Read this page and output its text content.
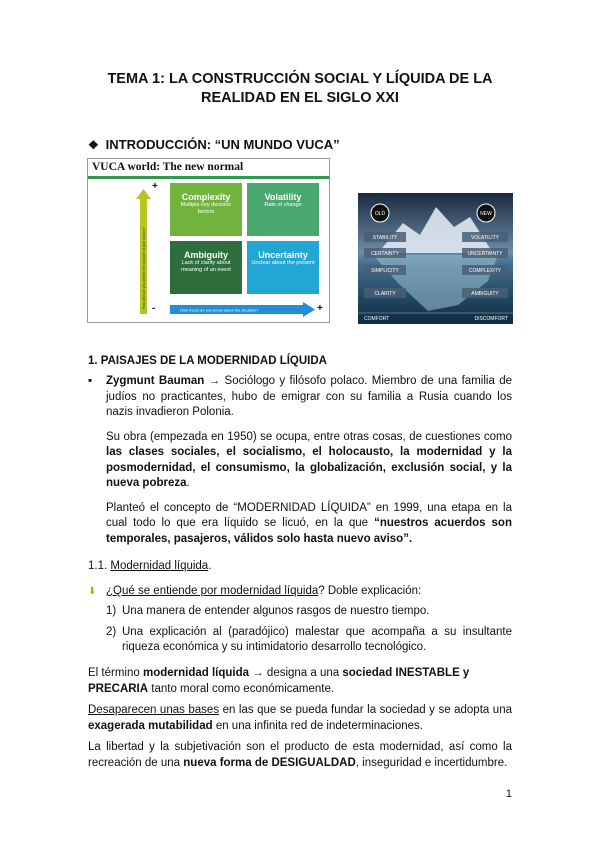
TEMA 1: LA CONSTRUCCIÓN SOCIAL Y LÍQUIDA DE LA
REALIDAD EN EL SIGLO XXI
❖ INTRODUCCIÓN: “UN MUNDO VUCA”
VUCA world: The new normal
+
How well can you predict the outcome of your actions?
Complexity
Multiple key decision factors
Volatility
Rate of change
Ambiguity
Lack of clarity about meaning of an event
Uncertainty
Unclear about the present
-	How much do you know about the situation?	+
OLD	NEW
STABILITY
CERTAINTY
SIMPLICITY
CLARITY
VOLATILITY
UNCERTAINTY
COMPLEXITY
AMBIGUITY
COMFORT	DISCOMFORT
1. PAISAJES DE LA MODERNIDAD LÍQUIDA
▪ Zygmunt Bauman → Sociólogo y filósofo polaco. Miembro de una familia de judíos no practicantes, hubo de emigrar con su familia a Rusia cuando los nazis invadieron Polonia.
Su obra (empezada en 1950) se ocupa, entre otras cosas, de cuestiones como las clases sociales, el socialismo, el holocausto, la modernidad y la posmodernidad, el consumismo, la globalización, exclusión social, y la nueva pobreza.
Planteó el concepto de “MODERNIDAD LÍQUIDA” en 1999, una etapa en la cual todo lo que era líquido se licuó, en la que “nuestros acuerdos son temporales, pasajeros, válidos solo hasta nuevo aviso”.
1.1. Modernidad líquida.
⬇ ¿Qué se entiende por modernidad líquida? Doble explicación:
1) Una manera de entender algunos rasgos de nuestro tiempo.
2) Una explicación al (paradójico) malestar que acompaña a su insultante riqueza económica y su intimidatorio desarrollo tecnológico.
El término modernidad líquida → designa a una sociedad INESTABLE y PRECARIA tanto moral como económicamente.
Desaparecen unas bases en las que se pueda fundar la sociedad y se adopta una exagerada mutabilidad en una infinita red de indeterminaciones.
La libertad y la subjetivación son el producto de esta modernidad, así como la recreación de una nueva forma de DESIGUALDAD, inseguridad e incertidumbre.
1
